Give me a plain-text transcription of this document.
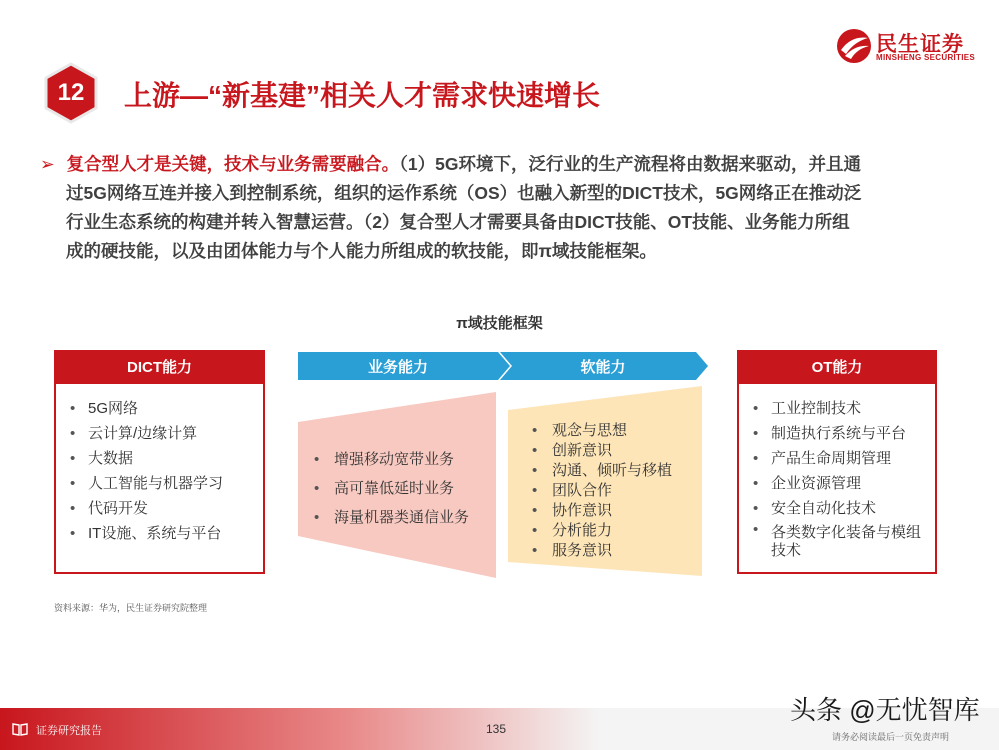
民生证券
MINSHENG SECURITIES
12	上游—“新基建”相关人才需求快速增长
➢ 复合型人才是关键，技术与业务需要融合。（1）5G环境下，泛行业的生产流程将由数据来驱动，并且通
过5G网络互连并接入到控制系统，组织的运作系统（OS）也融入新型的DICT技术，5G网络正在推动泛
行业生态系统的构建并转入智慧运营。（2）复合型人才需要具备由DICT技能、OT技能、业务能力所组
成的硬技能，以及由团体能力与个人能力所组成的软技能，即π域技能框架。
π域技能框架
DICT能力
• 5G网络
• 云计算/边缘计算
• 大数据
• 人工智能与机器学习
• 代码开发
• IT设施、系统与平台
业务能力	软能力
• 增强移动宽带业务
• 高可靠低延时业务
• 海量机器类通信业务
• 观念与思想
• 创新意识
• 沟通、倾听与移植
• 团队合作
• 协作意识
• 分析能力
• 服务意识
OT能力
• 工业控制技术
• 制造执行系统与平台
• 产品生命周期管理
• 企业资源管理
• 安全自动化技术
• 各类数字化装备与模组技术
资料来源：华为，民生证券研究院整理
证券研究报告	135
请务必阅读最后一页免责声明
头条 @无忧智库
